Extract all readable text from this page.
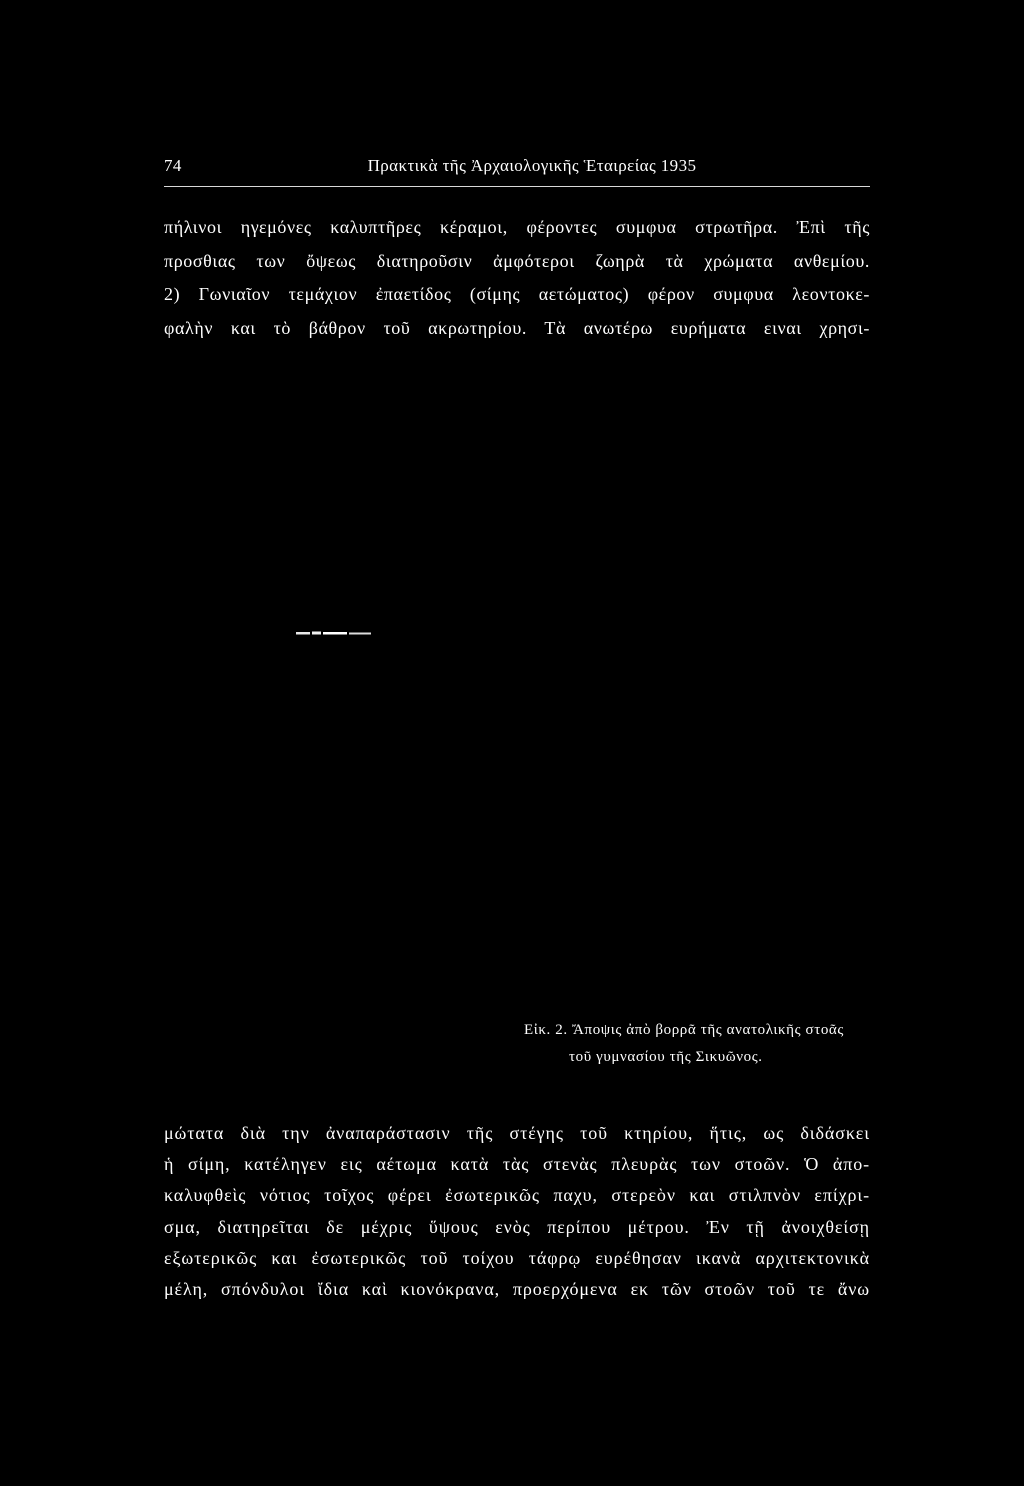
74	Πρακτικὰ τῆς Ἀρχαιολογικῆς Ἑταιρείας 1935
πήλινοι ηγεμόνες καλυπτῆρες κέραμοι, φέροντες συμφυα στρωτῆρα. Ἐπὶ τῆς
προσθιας των ὄψεως διατηροῦσιν ἀμφότεροι ζωηρὰ τὰ χρώματα ανθεμίου.
2) Γωνιαῖον τεμάχιον ἐπαετίδος (σίμης αετώματος) φέρον συμφυα λεοντοκε-
φαλὴν και τὸ βάθρον τοῦ ακρωτηρίου. Τὰ ανωτέρω ευρήματα ειναι χρησι-
Εἰκ. 2. Ἄποψις ἀπὸ βορρᾶ τῆς ανατολικῆς στοᾶς
τοῦ γυμνασίου τῆς Σικυῶνος.
μώτατα διὰ την ἀναπαράστασιν τῆς στέγης τοῦ κτηρίου, ἥτις, ως διδάσκει
ἡ σίμη, κατέληγεν εις αέτωμα κατὰ τὰς στενὰς πλευρὰς των στοῶν. Ὁ ἀπο-
καλυφθεὶς νότιος τοῖχος φέρει ἐσωτερικῶς παχυ, στερεὸν και στιλπνὸν επίχρι-
σμα, διατηρεῖται δε μέχρις ὕψους ενὸς περίπου μέτρου. Ἐν τῇ ἀνοιχθείσῃ
εξωτερικῶς και ἐσωτερικῶς τοῦ τοίχου τάφρῳ ευρέθησαν ικανὰ αρχιτεκτονικὰ
μέλη, σπόνδυλοι ἴδια καὶ κιονόκρανα, προερχόμενα εκ τῶν στοῶν τοῦ τε ἄνω
